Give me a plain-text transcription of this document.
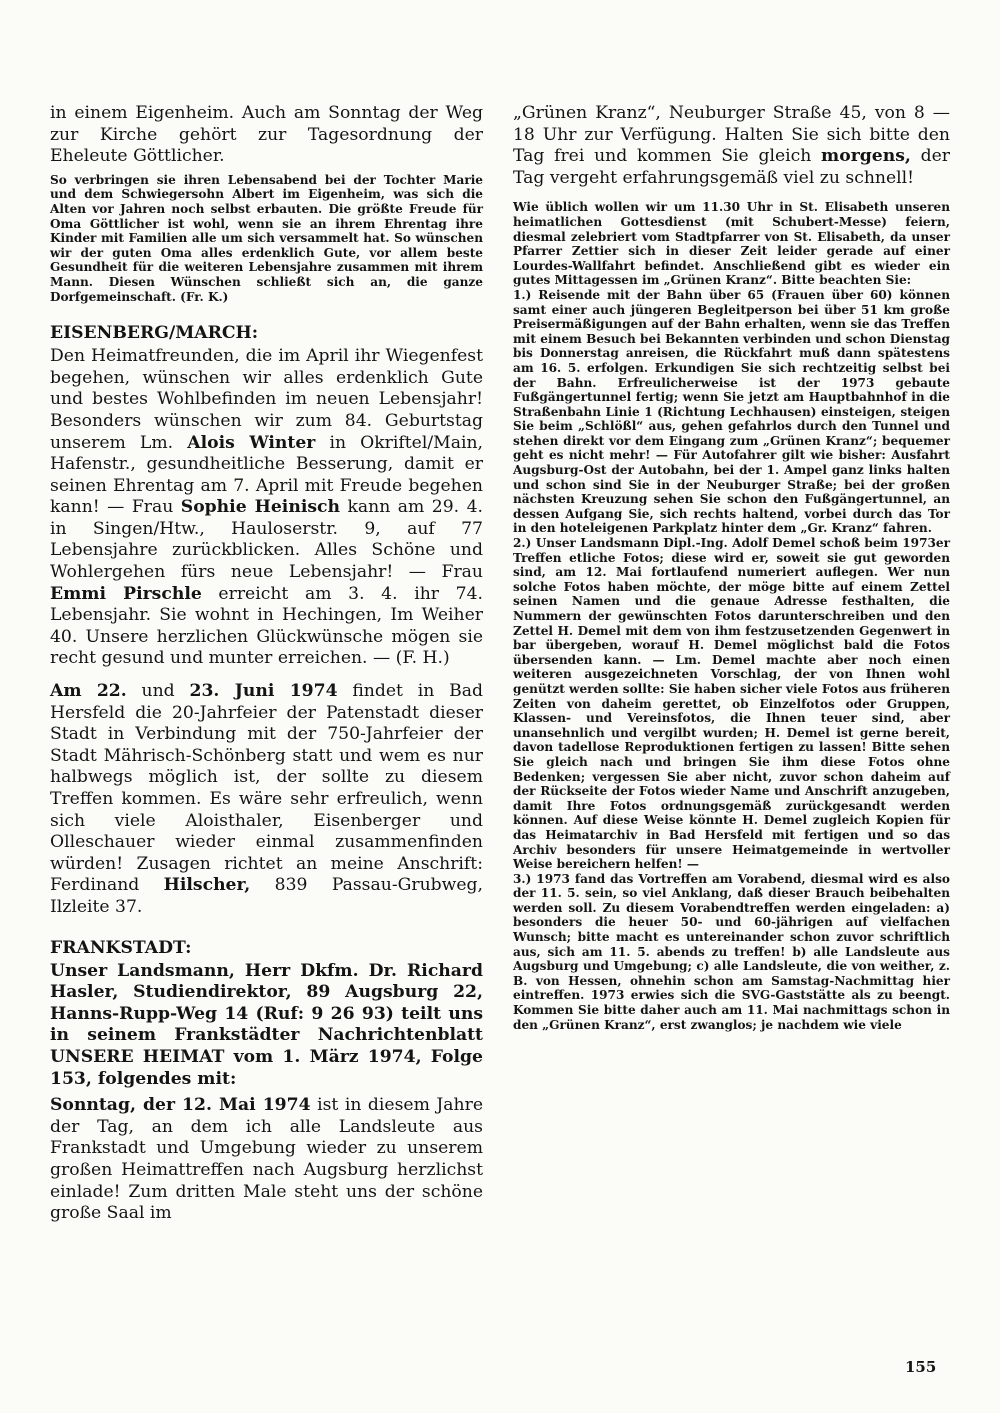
in einem Eigenheim. Auch am Sonntag der Weg zur Kirche gehört zur Tagesordnung der Eheleute Göttlicher.

So verbringen sie ihren Lebensabend bei der Tochter Marie und dem Schwiegersohn Albert im Eigenheim, was sich die Alten vor Jahren noch selbst erbauten. Die größte Freude für Oma Göttlicher ist wohl, wenn sie an ihrem Ehrentag ihre Kinder mit Familien alle um sich versammelt hat. So wünschen wir der guten Oma alles erdenklich Gute, vor allem beste Gesundheit für die weiteren Lebensjahre zusammen mit ihrem Mann. Diesen Wünschen schließt sich an, die ganze Dorfgemeinschaft. (Fr. K.)

EISENBERG/MARCH:

Den Heimatfreunden, die im April ihr Wiegenfest begehen, wünschen wir alles erdenklich Gute und bestes Wohlbefinden im neuen Lebensjahr! Besonders wünschen wir zum 84. Geburtstag unserem Lm. Alois Winter in Okriftel/Main, Hafenstr., gesundheitliche Besserung, damit er seinen Ehrentag am 7. April mit Freude begehen kann! — Frau Sophie Heinisch kann am 29. 4. in Singen/Htw., Hauloserstr. 9, auf 77 Lebensjahre zurückblicken. Alles Schöne und Wohlergehen fürs neue Lebensjahr! — Frau Emmi Pirschle erreicht am 3. 4. ihr 74. Lebensjahr. Sie wohnt in Hechingen, Im Weiher 40. Unsere herzlichen Glückwünsche mögen sie recht gesund und munter erreichen. — (F. H.)

Am 22. und 23. Juni 1974 findet in Bad Hersfeld die 20-Jahrfeier der Patenstadt dieser Stadt in Verbindung mit der 750-Jahrfeier der Stadt Mährisch-Schönberg statt und wem es nur halbwegs möglich ist, der sollte zu diesem Treffen kommen. Es wäre sehr erfreulich, wenn sich viele Aloisthaler, Eisenberger und Olleschauer wieder einmal zusammenfinden würden! Zusagen richtet an meine Anschrift: Ferdinand Hilscher, 839 Passau-Grubweg, Ilzleite 37.

FRANKSTADT:

Unser Landsmann, Herr Dkfm. Dr. Richard Hasler, Studiendirektor, 89 Augsburg 22, Hanns-Rupp-Weg 14 (Ruf: 9 26 93) teilt uns in seinem Frankstädter Nachrichtenblatt UNSERE HEIMAT vom 1. März 1974, Folge 153, folgendes mit:

Sonntag, der 12. Mai 1974 ist in diesem Jahre der Tag, an dem ich alle Landsleute aus Frankstadt und Umgebung wieder zu unserem großen Heimattreffen nach Augsburg herzlichst einlade! Zum dritten Male steht uns der schöne große Saal im

„Grünen Kranz“, Neuburger Straße 45, von 8 — 18 Uhr zur Verfügung. Halten Sie sich bitte den Tag frei und kommen Sie gleich morgens, der Tag vergeht erfahrungsgemäß viel zu schnell!

Wie üblich wollen wir um 11.30 Uhr in St. Elisabeth unseren heimatlichen Gottesdienst (mit Schubert-Messe) feiern, diesmal zelebriert vom Stadtpfarrer von St. Elisabeth, da unser Pfarrer Zettier sich in dieser Zeit leider gerade auf einer Lourdes-Wallfahrt befindet. Anschließend gibt es wieder ein gutes Mittagessen im „Grünen Kranz“. Bitte beachten Sie:

1.) Reisende mit der Bahn über 65 (Frauen über 60) können samt einer auch jüngeren Begleitperson bei über 51 km große Preisermäßigungen auf der Bahn erhalten, wenn sie das Treffen mit einem Besuch bei Bekannten verbinden und schon Dienstag bis Donnerstag anreisen, die Rückfahrt muß dann spätestens am 16. 5. erfolgen. Erkundigen Sie sich rechtzeitig selbst bei der Bahn. Erfreulicherweise ist der 1973 gebaute Fußgängertunnel fertig; wenn Sie jetzt am Hauptbahnhof in die Straßenbahn Linie 1 (Richtung Lechhausen) einsteigen, steigen Sie beim „Schlößl“ aus, gehen gefahrlos durch den Tunnel und stehen direkt vor dem Eingang zum „Grünen Kranz“; bequemer geht es nicht mehr! — Für Autofahrer gilt wie bisher: Ausfahrt Augsburg-Ost der Autobahn, bei der 1. Ampel ganz links halten und schon sind Sie in der Neuburger Straße; bei der großen nächsten Kreuzung sehen Sie schon den Fußgängertunnel, an dessen Aufgang Sie, sich rechts haltend, vorbei durch das Tor in den hoteleigenen Parkplatz hinter dem „Gr. Kranz“ fahren.

2.) Unser Landsmann Dipl.-Ing. Adolf Demel schoß beim 1973er Treffen etliche Fotos; diese wird er, soweit sie gut geworden sind, am 12. Mai fortlaufend numeriert auflegen. Wer nun solche Fotos haben möchte, der möge bitte auf einem Zettel seinen Namen und die genaue Adresse festhalten, die Nummern der gewünschten Fotos darunterschreiben und den Zettel H. Demel mit dem von ihm festzusetzenden Gegenwert in bar übergeben, worauf H. Demel möglichst bald die Fotos übersenden kann. — Lm. Demel machte aber noch einen weiteren ausgezeichneten Vorschlag, der von Ihnen wohl genützt werden sollte: Sie haben sicher viele Fotos aus früheren Zeiten von daheim gerettet, ob Einzelfotos oder Gruppen, Klassen- und Vereinsfotos, die Ihnen teuer sind, aber unansehnlich und vergilbt wurden; H. Demel ist gerne bereit, davon tadellose Reproduktionen fertigen zu lassen! Bitte sehen Sie gleich nach und bringen Sie ihm diese Fotos ohne Bedenken; vergessen Sie aber nicht, zuvor schon daheim auf der Rückseite der Fotos wieder Name und Anschrift anzugeben, damit Ihre Fotos ordnungsgemäß zurückgesandt werden können. Auf diese Weise könnte H. Demel zugleich Kopien für das Heimatarchiv in Bad Hersfeld mit fertigen und so das Archiv besonders für unsere Heimatgemeinde in wertvoller Weise bereichern helfen! —

3.) 1973 fand das Vortreffen am Vorabend, diesmal wird es also der 11. 5. sein, so viel Anklang, daß dieser Brauch beibehalten werden soll. Zu diesem Vorabendtreffen werden eingeladen: a) besonders die heuer 50- und 60-jährigen auf vielfachen Wunsch; bitte macht es untereinander schon zuvor schriftlich aus, sich am 11. 5. abends zu treffen! b) alle Landsleute aus Augsburg und Umgebung; c) alle Landsleute, die von weither, z. B. von Hessen, ohnehin schon am Samstag-Nachmittag hier eintreffen. 1973 erwies sich die SVG-Gaststätte als zu beengt. Kommen Sie bitte daher auch am 11. Mai nachmittags schon in den „Grünen Kranz“, erst zwanglos; je nachdem wie viele

155
